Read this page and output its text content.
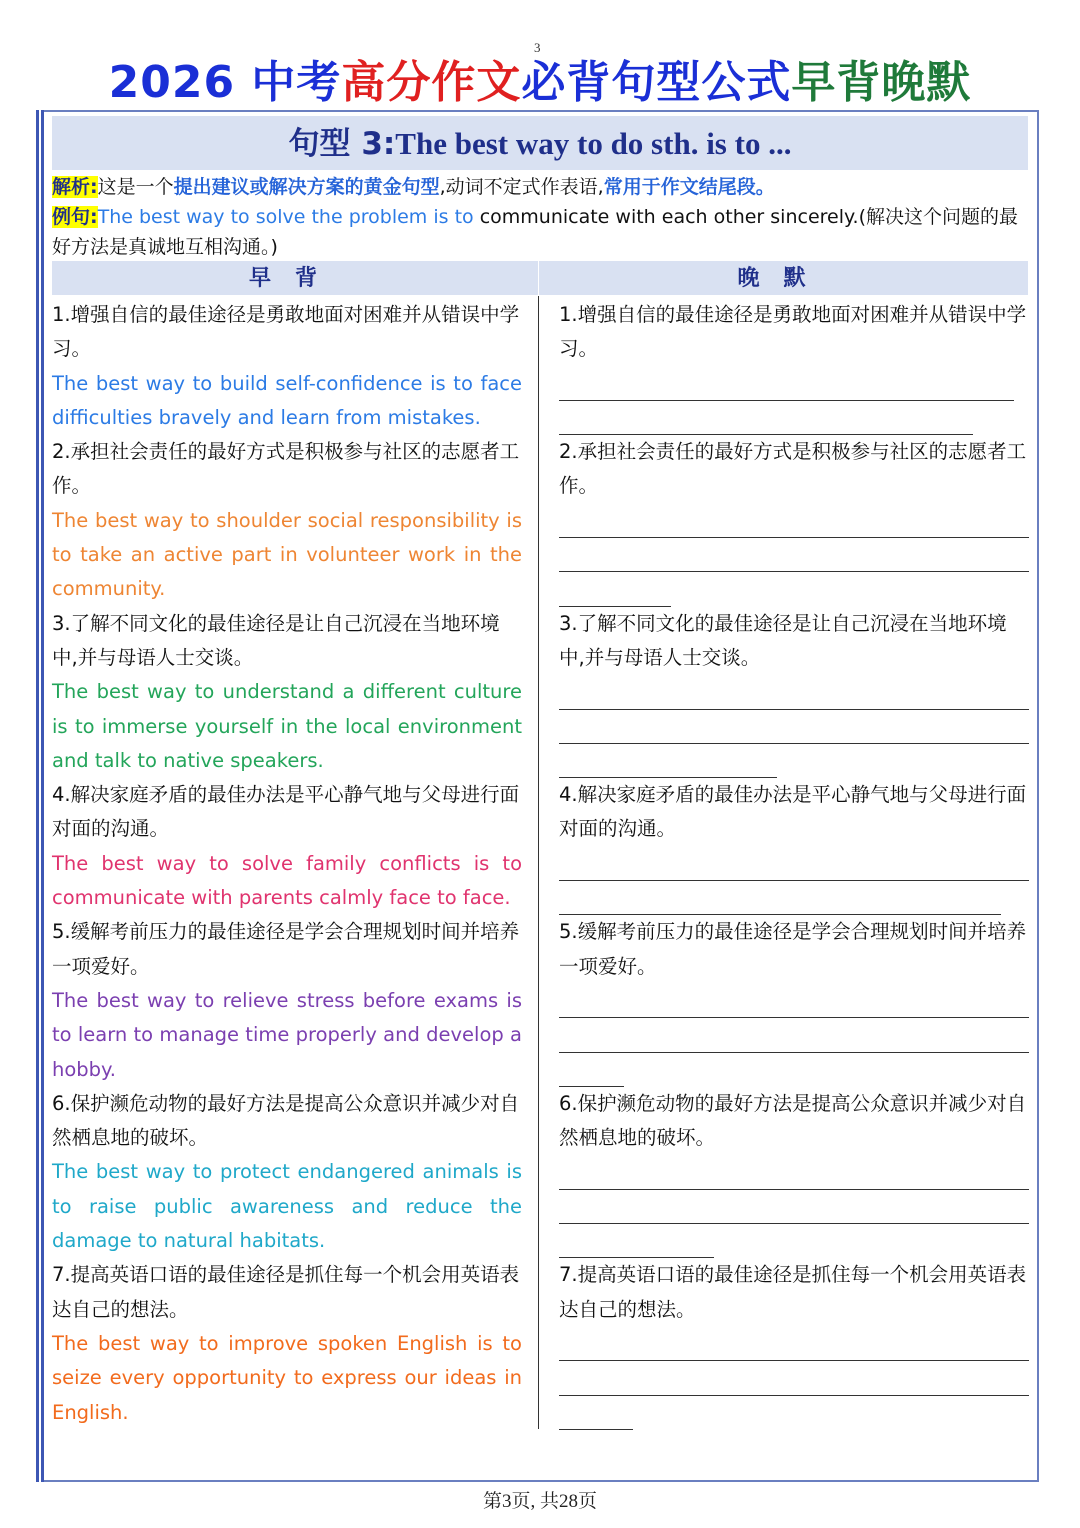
3
2026 中考高分作文必背句型公式早背晚默
句型 3:The best way to do sth. is to ...
解析:这是一个提出建议或解决方案的黄金句型,动词不定式作表语,常用于作文结尾段。
例句:The best way to solve the problem is to communicate with each other sincerely.(解决这个问题的最好方法是真诚地互相沟通。)
早背	晚默
1.增强自信的最佳途径是勇敢地面对困难并从错误中学习。
The best way to build self-confidence is to face difficulties bravely and learn from mistakes.
2.承担社会责任的最好方式是积极参与社区的志愿者工作。
The best way to shoulder social responsibility is to take an active part in volunteer work in the community.
3.了解不同文化的最佳途径是让自己沉浸在当地环境中,并与母语人士交谈。
The best way to understand a different culture is to immerse yourself in the local environment and talk to native speakers.
4.解决家庭矛盾的最佳办法是平心静气地与父母进行面对面的沟通。
The best way to solve family conflicts is to communicate with parents calmly face to face.
5.缓解考前压力的最佳途径是学会合理规划时间并培养一项爱好。
The best way to relieve stress before exams is to learn to manage time properly and develop a hobby.
6.保护濒危动物的最好方法是提高公众意识并减少对自然栖息地的破坏。
The best way to protect endangered animals is to raise public awareness and reduce the damage to natural habitats.
7.提高英语口语的最佳途径是抓住每一个机会用英语表达自己的想法。
The best way to improve spoken English is to seize every opportunity to express our ideas in English.
1.增强自信的最佳途径是勇敢地面对困难并从错误中学习。
2.承担社会责任的最好方式是积极参与社区的志愿者工作。
3.了解不同文化的最佳途径是让自己沉浸在当地环境中,并与母语人士交谈。
4.解决家庭矛盾的最佳办法是平心静气地与父母进行面对面的沟通。
5.缓解考前压力的最佳途径是学会合理规划时间并培养一项爱好。
6.保护濒危动物的最好方法是提高公众意识并减少对自然栖息地的破坏。
7.提高英语口语的最佳途径是抓住每一个机会用英语表达自己的想法。
第3页, 共28页
